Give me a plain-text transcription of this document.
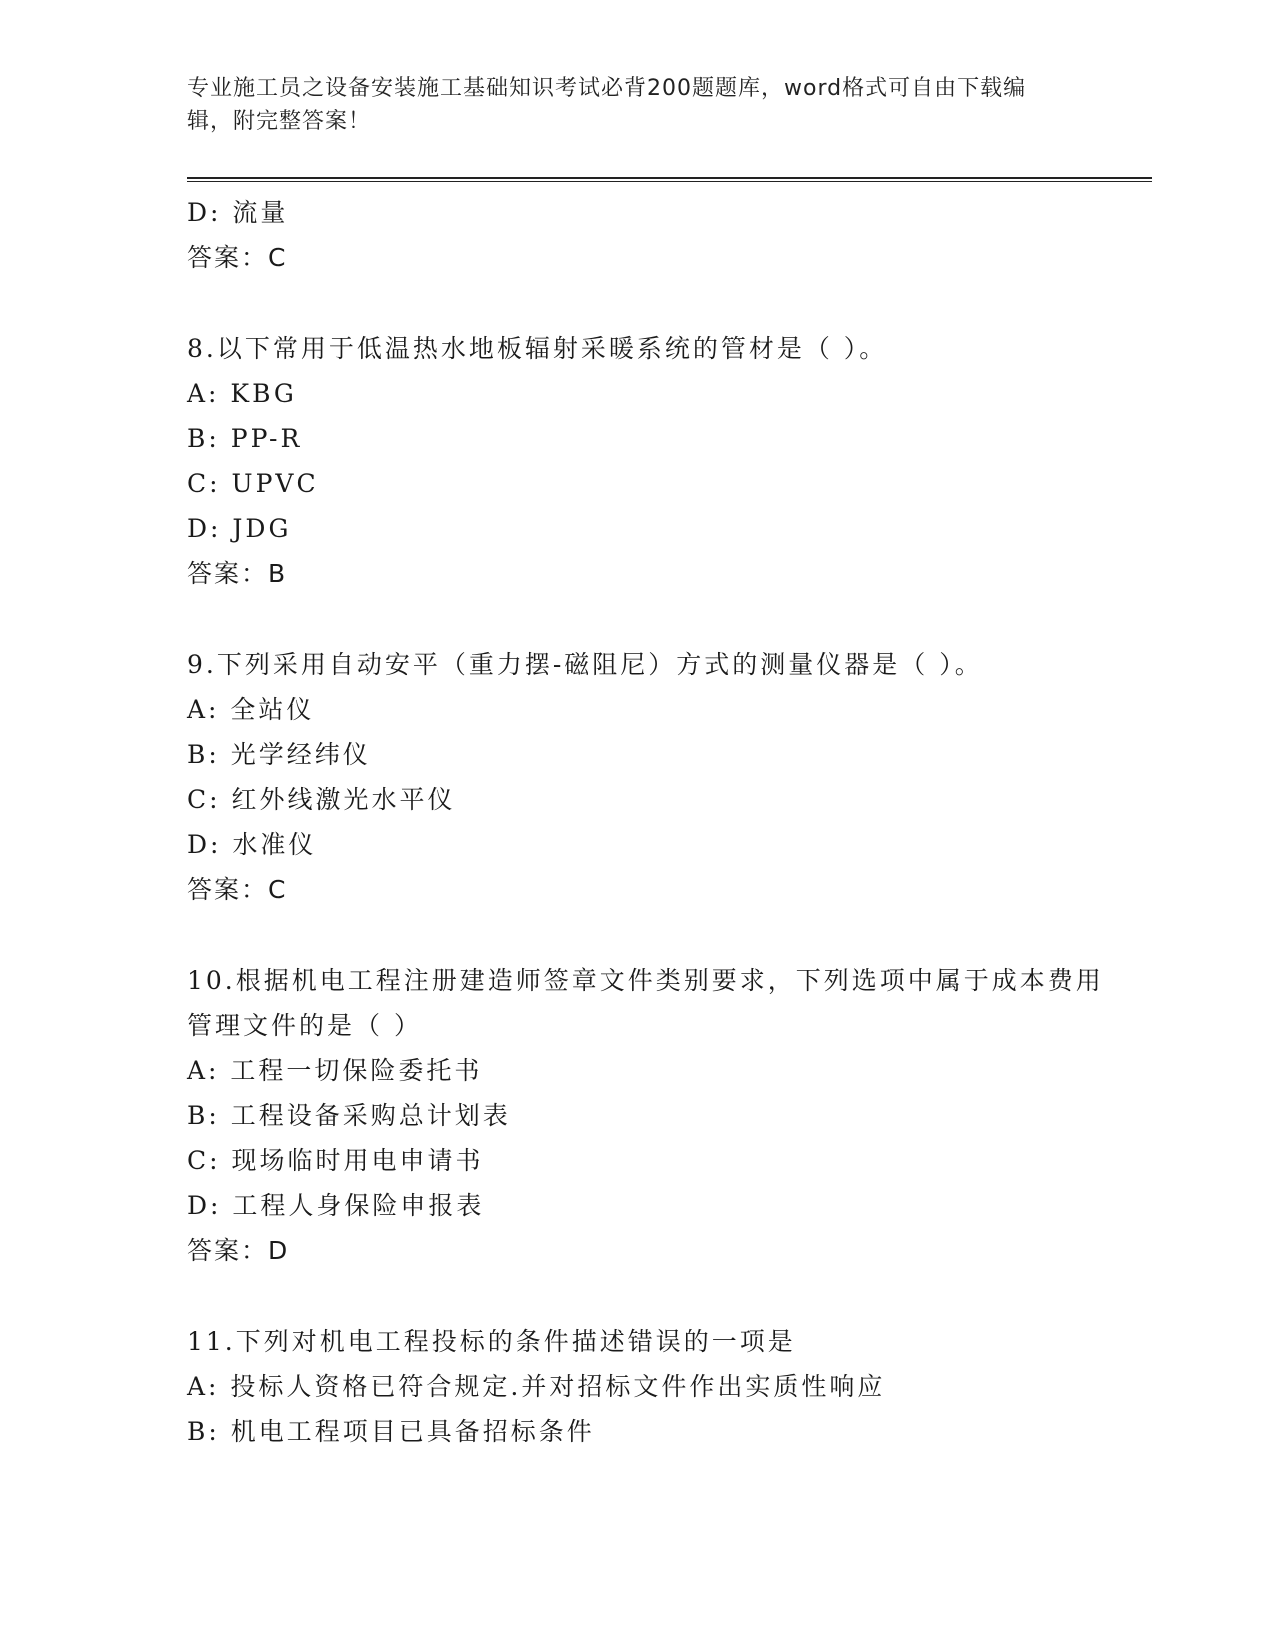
专业施工员之设备安装施工基础知识考试必背200题题库，word格式可自由下载编辑，附完整答案！
D: 流量
答案：C
8.以下常用于低温热水地板辐射采暖系统的管材是（ ）。
A: KBG
B: PP-R
C: UPVC
D: JDG
答案：B
9.下列采用自动安平（重力摆-磁阻尼）方式的测量仪器是（ ）。
A: 全站仪
B: 光学经纬仪
C: 红外线激光水平仪
D: 水准仪
答案：C
10.根据机电工程注册建造师签章文件类别要求，下列选项中属于成本费用管理文件的是（ ）
A: 工程一切保险委托书
B: 工程设备采购总计划表
C: 现场临时用电申请书
D: 工程人身保险申报表
答案：D
11.下列对机电工程投标的条件描述错误的一项是
A: 投标人资格已符合规定.并对招标文件作出实质性响应
B: 机电工程项目已具备招标条件
